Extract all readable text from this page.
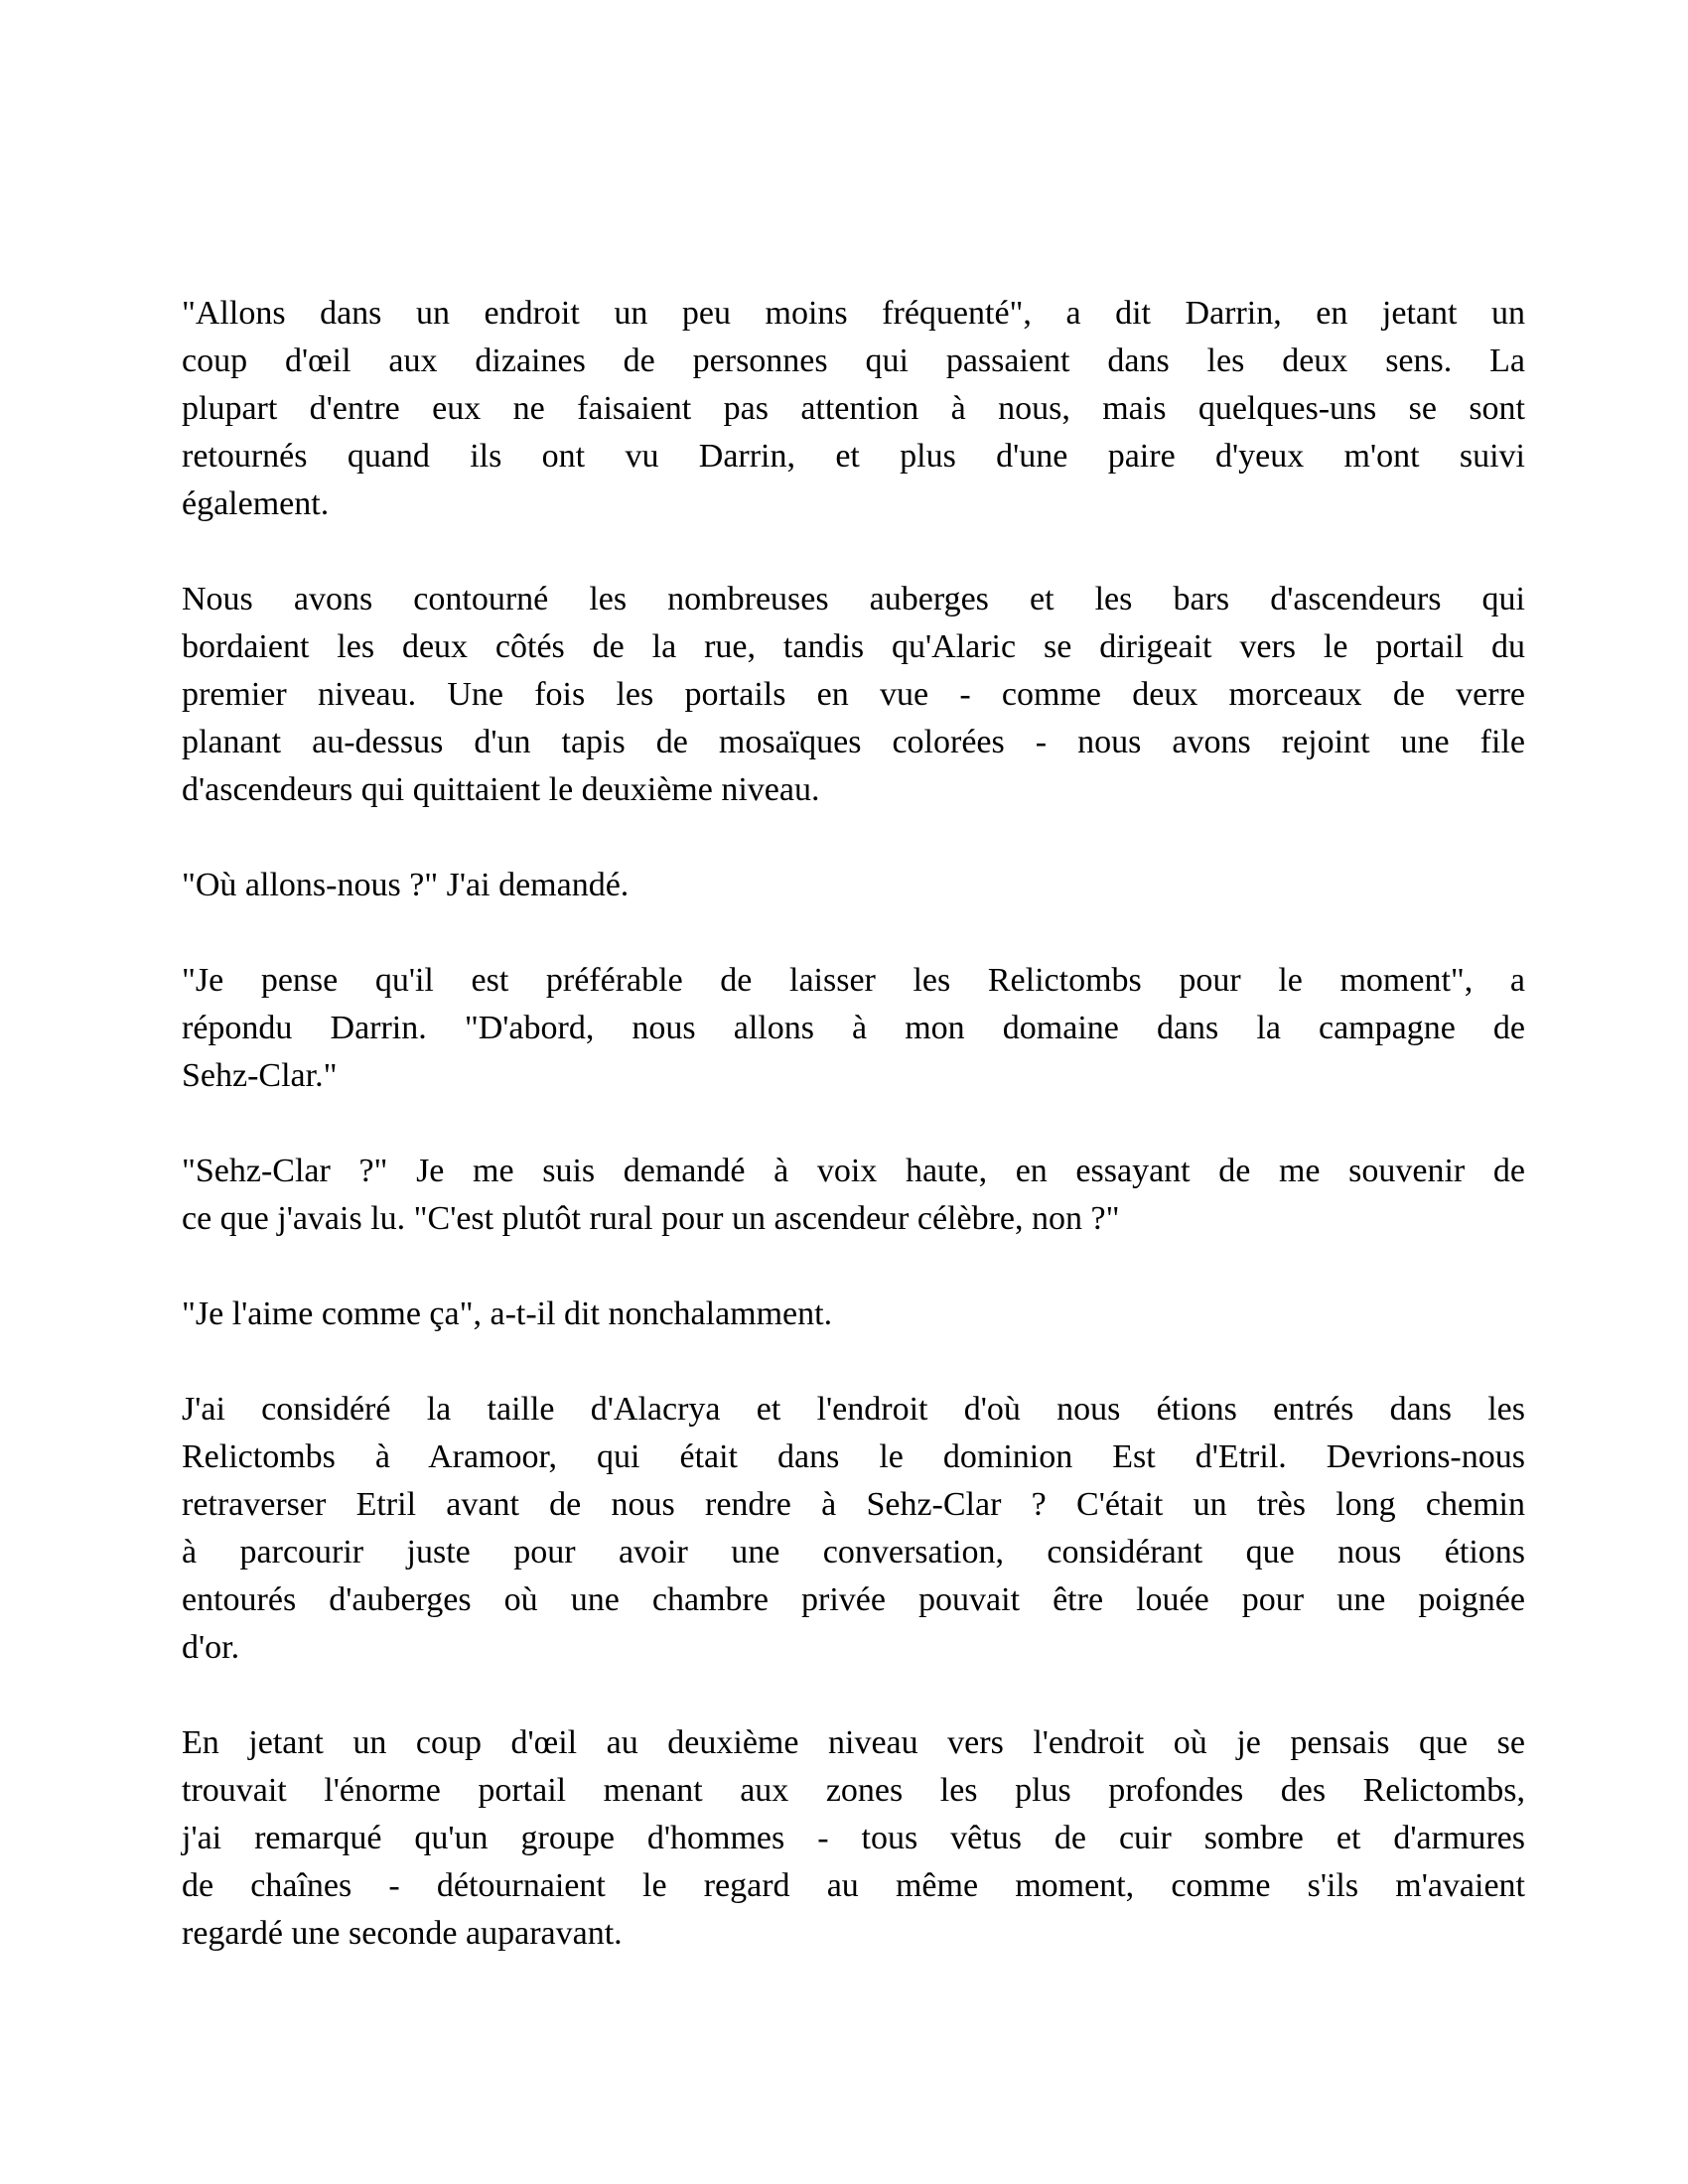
"Allons dans un endroit un peu moins fréquenté", a dit Darrin, en jetant un
coup d'œil aux dizaines de personnes qui passaient dans les deux sens. La
plupart d'entre eux ne faisaient pas attention à nous, mais quelques-uns se sont
retournés quand ils ont vu Darrin, et plus d'une paire d'yeux m'ont suivi
également.
Nous avons contourné les nombreuses auberges et les bars d'ascendeurs qui
bordaient les deux côtés de la rue, tandis qu'Alaric se dirigeait vers le portail du
premier niveau. Une fois les portails en vue - comme deux morceaux de verre
planant au-dessus d'un tapis de mosaïques colorées - nous avons rejoint une file
d'ascendeurs qui quittaient le deuxième niveau.
"Où allons-nous ?" J'ai demandé.
"Je pense qu'il est préférable de laisser les Relictombs pour le moment", a
répondu Darrin. "D'abord, nous allons à mon domaine dans la campagne de
Sehz-Clar."
"Sehz-Clar ?" Je me suis demandé à voix haute, en essayant de me souvenir de
ce que j'avais lu. "C'est plutôt rural pour un ascendeur célèbre, non ?"
"Je l'aime comme ça", a-t-il dit nonchalamment.
J'ai considéré la taille d'Alacrya et l'endroit d'où nous étions entrés dans les
Relictombs à Aramoor, qui était dans le dominion Est d'Etril. Devrions-nous
retraverser Etril avant de nous rendre à Sehz-Clar ? C'était un très long chemin
à parcourir juste pour avoir une conversation, considérant que nous étions
entourés d'auberges où une chambre privée pouvait être louée pour une poignée
d'or.
En jetant un coup d'œil au deuxième niveau vers l'endroit où je pensais que se
trouvait l'énorme portail menant aux zones les plus profondes des Relictombs,
j'ai remarqué qu'un groupe d'hommes - tous vêtus de cuir sombre et d'armures
de chaînes - détournaient le regard au même moment, comme s'ils m'avaient
regardé une seconde auparavant.
